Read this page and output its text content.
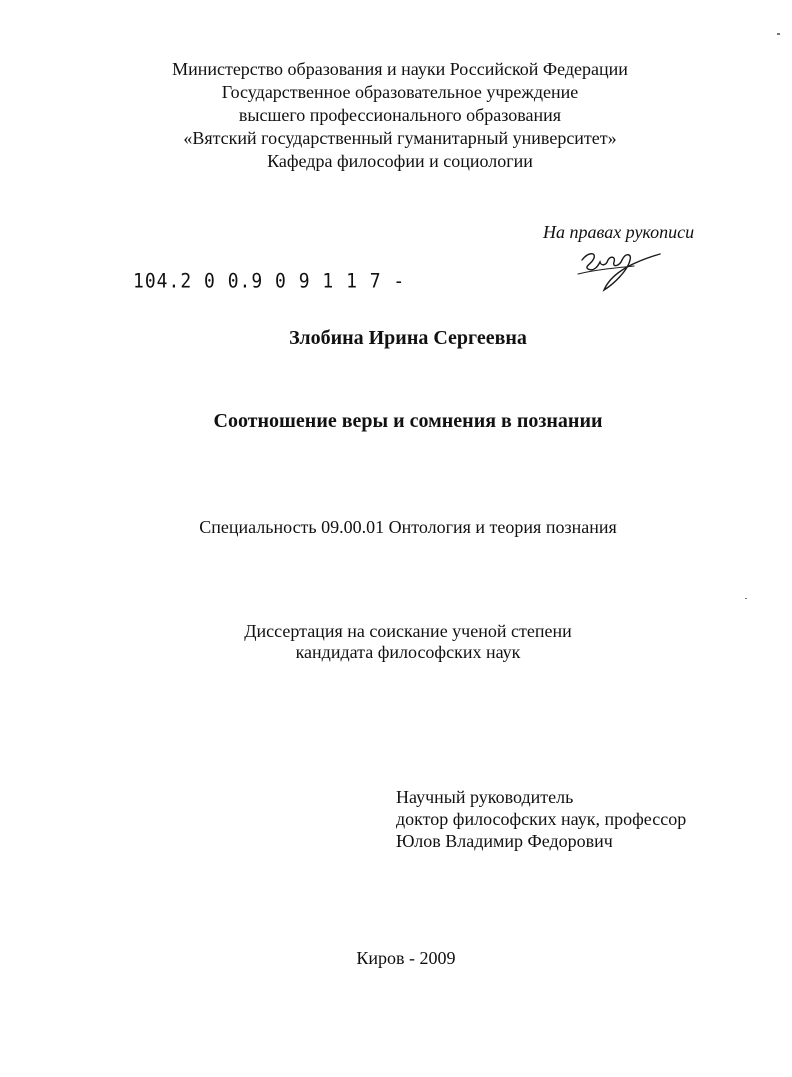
Министерство образования и науки Российской Федерации
Государственное образовательное учреждение
высшего профессионального образования
«Вятский государственный гуманитарный университет»
Кафедра философии и социологии
На правах рукописи
104.2 0 0.9 0 9 1 1 7 -
Злобина Ирина Сергеевна
Соотношение веры и сомнения в познании
Специальность 09.00.01 Онтология и теория познания
Диссертация на соискание ученой степени
кандидата философских наук
Научный руководитель
доктор философских наук, профессор
Юлов Владимир Федорович
Киров - 2009
